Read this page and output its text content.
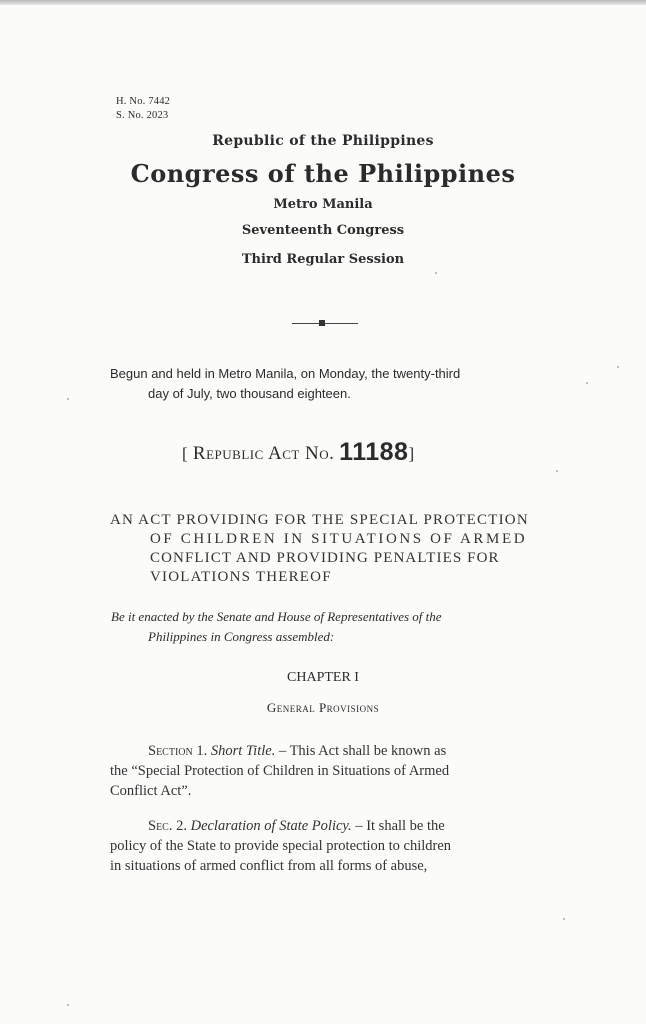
H. No. 7442
S. No. 2023
Republic of the Philippines
Congress of the Philippines
Metro Manila
Seventeenth Congress
Third Regular Session
Begun and held in Metro Manila, on Monday, the twenty-third
day of July, two thousand eighteen.
[ Republic Act No. 11188]
AN ACT PROVIDING FOR THE SPECIAL PROTECTION
OF CHILDREN IN SITUATIONS OF ARMED
CONFLICT AND PROVIDING PENALTIES FOR
VIOLATIONS THEREOF
Be it enacted by the Senate and House of Representatives of the
Philippines in Congress assembled:
CHAPTER I
General Provisions
Section 1. Short Title. – This Act shall be known as
the “Special Protection of Children in Situations of Armed
Conflict Act”.
Sec. 2. Declaration of State Policy. – It shall be the
policy of the State to provide special protection to children
in situations of armed conflict from all forms of abuse,
